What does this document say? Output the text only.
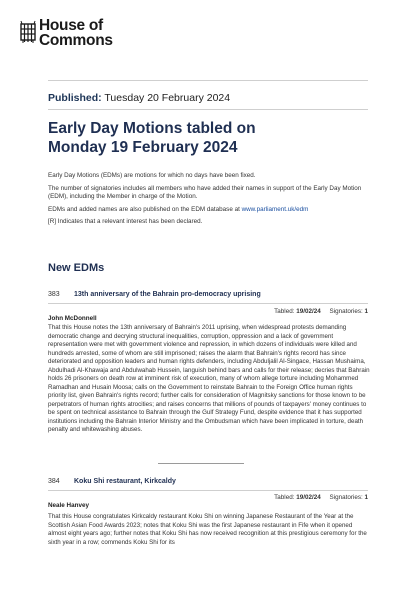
House of
Commons
Published: Tuesday 20 February 2024
Early Day Motions tabled on
Monday 19 February 2024

Early Day Motions (EDMs) are motions for which no days have been fixed.

The number of signatories includes all members who have added their names in support of the Early Day Motion (EDM), including the Member in charge of the Motion.

EDMs and added names are also published on the EDM database at www.parliament.uk/edm

[R] Indicates that a relevant interest has been declared.

New EDMs
383	13th anniversary of the Bahrain pro-democracy uprising
Tabled: 19/02/24 Signatories: 1
John McDonnell

That this House notes the 13th anniversary of Bahrain's 2011 uprising, when widespread protests demanding democratic change and decrying structural inequalities, corruption, oppression and a lack of government representation were met with government violence and repression, in which dozens of individuals were killed and hundreds arrested, some of whom are still imprisoned; raises the alarm that Bahrain's rights record has since deteriorated and opposition leaders and human rights defenders, including Abduljalil Al-Singace, Hassan Mushaima, Abdulhadi Al-Khawaja and Abdulwahab Hussein, languish behind bars and calls for their release; decries that Bahrain holds 26 prisoners on death row at imminent risk of execution, many of whom allege torture including Mohammed Ramadhan and Husain Moosa; calls on the Government to reinstate Bahrain to the Foreign Office human rights priority list, given Bahrain's rights record; further calls for consideration of Magnitsky sanctions for those known to be perpetrators of human rights atrocities; and raises concerns that millions of pounds of taxpayers' money continues to be spent on technical assistance to Bahrain through the Gulf Strategy Fund, despite evidence that it has supported institutions including the Bahrain Interior Ministry and the Ombudsman which have been implicated in torture, death penalty and whitewashing abuses.

384	Koku Shi restaurant, Kirkcaldy
Tabled: 19/02/24 Signatories: 1
Neale Hanvey

That this House congratulates Kirkcaldy restaurant Koku Shi on winning Japanese Restaurant of the Year at the Scottish Asian Food Awards 2023; notes that Koku Shi was the first Japanese restaurant in Fife when it opened almost eight years ago; further notes that Koku Shi has now received recognition at this prestigious ceremony for the sixth year in a row; commends Koku Shi for its
